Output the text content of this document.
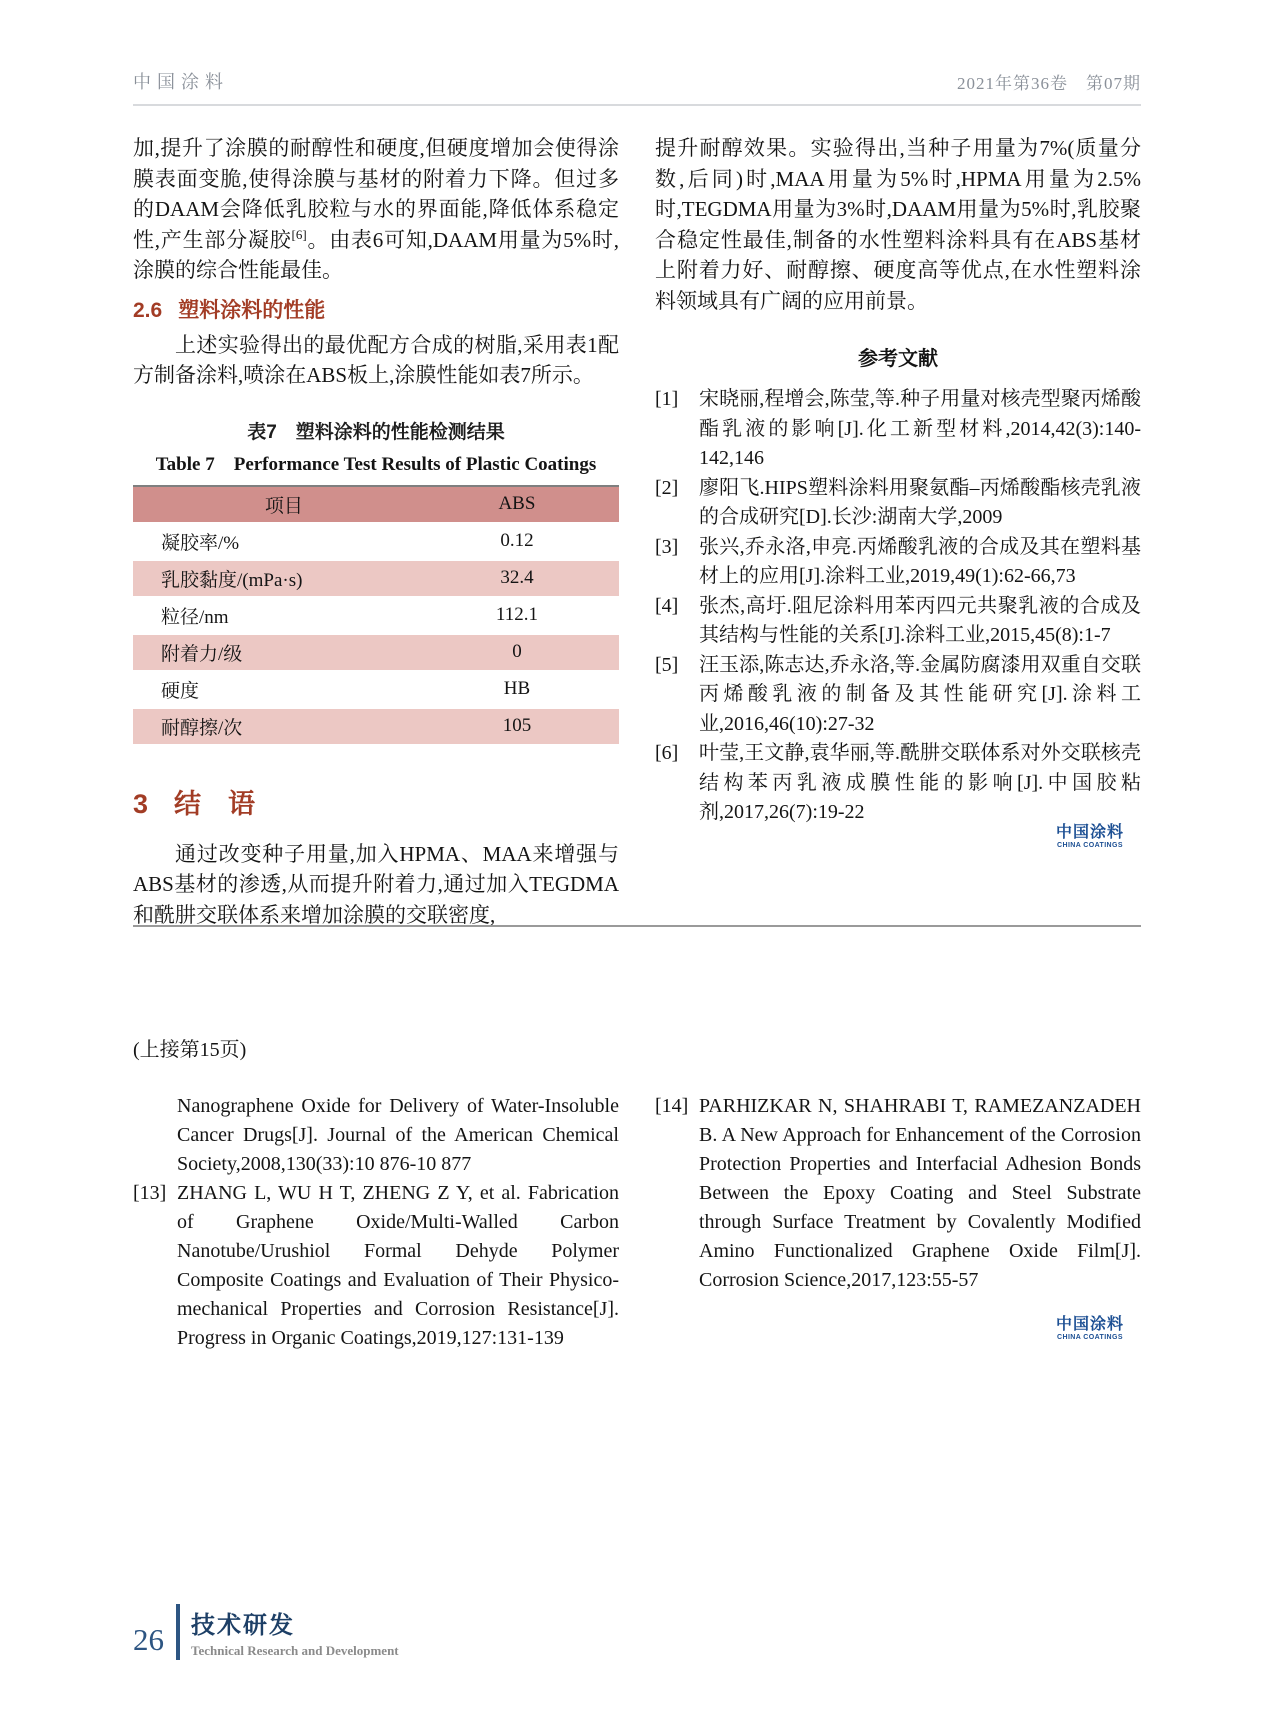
中国涂料	2021年第36卷　第07期

加,提升了涂膜的耐醇性和硬度,但硬度增加会使得涂膜表面变脆,使得涂膜与基材的附着力下降。但过多的DAAM会降低乳胶粒与水的界面能,降低体系稳定性,产生部分凝胶[6]。由表6可知,DAAM用量为5%时,涂膜的综合性能最佳。

2.6 塑料涂料的性能

上述实验得出的最优配方合成的树脂,采用表1配方制备涂料,喷涂在ABS板上,涂膜性能如表7所示。

表7　塑料涂料的性能检测结果
Table 7　Performance Test Results of Plastic Coatings
项目	ABS
凝胶率/%	0.12
乳胶黏度/(mPa·s)	32.4
粒径/nm	112.1
附着力/级	0
硬度	HB
耐醇擦/次	105
3 结　语

通过改变种子用量,加入HPMA、MAA来增强与ABS基材的渗透,从而提升附着力,通过加入TEGDMA和酰肼交联体系来增加涂膜的交联密度,

提升耐醇效果。实验得出,当种子用量为7%(质量分数,后同)时,MAA用量为5%时,HPMA用量为2.5%时,TEGDMA用量为3%时,DAAM用量为5%时,乳胶聚合稳定性最佳,制备的水性塑料涂料具有在ABS基材上附着力好、耐醇擦、硬度高等优点,在水性塑料涂料领域具有广阔的应用前景。

参考文献
[1]	宋晓丽,程增会,陈莹,等.种子用量对核壳型聚丙烯酸酯乳液的影响[J].化工新型材料,2014,42(3):140-142,146
[2]	廖阳飞.HIPS塑料涂料用聚氨酯–丙烯酸酯核壳乳液的合成研究[D].长沙:湖南大学,2009
[3]	张兴,乔永洛,申亮.丙烯酸乳液的合成及其在塑料基材上的应用[J].涂料工业,2019,49(1):62-66,73
[4]	张杰,高圩.阻尼涂料用苯丙四元共聚乳液的合成及其结构与性能的关系[J].涂料工业,2015,45(8):1-7
[5]	汪玉添,陈志达,乔永洛,等.金属防腐漆用双重自交联丙烯酸乳液的制备及其性能研究[J].涂料工业,2016,46(10):27-32
[6]	叶莹,王文静,袁华丽,等.酰肼交联体系对外交联核壳结构苯丙乳液成膜性能的影响[J].中国胶粘剂,2017,26(7):19-22
中国涂料
CHINA COATINGS
(上接第15页)
Nanographene Oxide for Delivery of Water-Insoluble Cancer Drugs[J]. Journal of the American Chemical Society,2008,130(33):10 876-10 877
[13] ZHANG L, WU H T, ZHENG Z Y, et al. Fabrication of Graphene Oxide/Multi-Walled Carbon Nanotube/Urushiol Formal Dehyde Polymer Composite Coatings and Evaluation of Their Physico-mechanical Properties and Corrosion Resistance[J]. Progress in Organic Coatings,2019,127:131-139
[14] PARHIZKAR N, SHAHRABI T, RAMEZANZADEH B. A New Approach for Enhancement of the Corrosion Protection Properties and Interfacial Adhesion Bonds Between the Epoxy Coating and Steel Substrate through Surface Treatment by Covalently Modified Amino Functionalized Graphene Oxide Film[J]. Corrosion Science,2017,123:55-57
中国涂料
CHINA COATINGS
26 技术研发
Technical Research and Development
